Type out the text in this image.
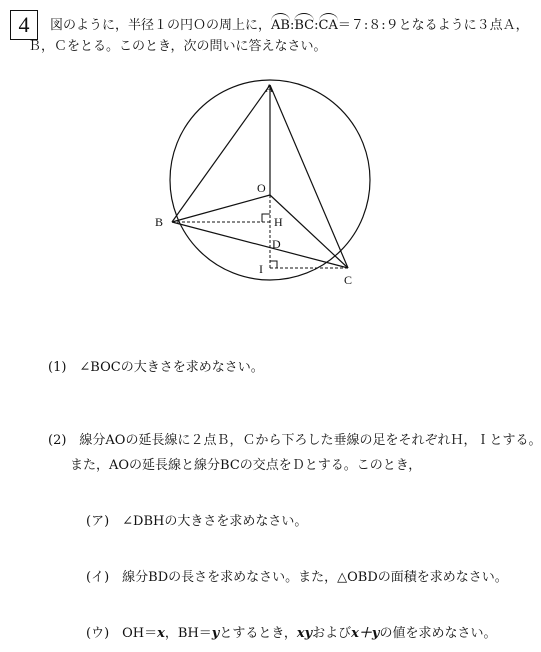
4	図のように，半径１の円Ｏの周上に，AB:BC:CA＝７:８:９となるように３点Ａ，
Ｂ，Ｃをとる。このとき，次の問いに答えなさい。
A
B
C
O
H
D
I
(1)　∠BOCの大きさを求めなさい。
(2)　線分AOの延長線に２点Ｂ，Ｃから下ろした垂線の足をそれぞれＨ，Ｉとする。
また，AOの延長線と線分BCの交点をＤとする。このとき，
(ア)　∠DBHの大きさを求めなさい。
(イ)　線分BDの長さを求めなさい。また，△OBDの面積を求めなさい。
(ウ)　OH＝x，BH＝yとするとき，xyおよびx＋yの値を求めなさい。
